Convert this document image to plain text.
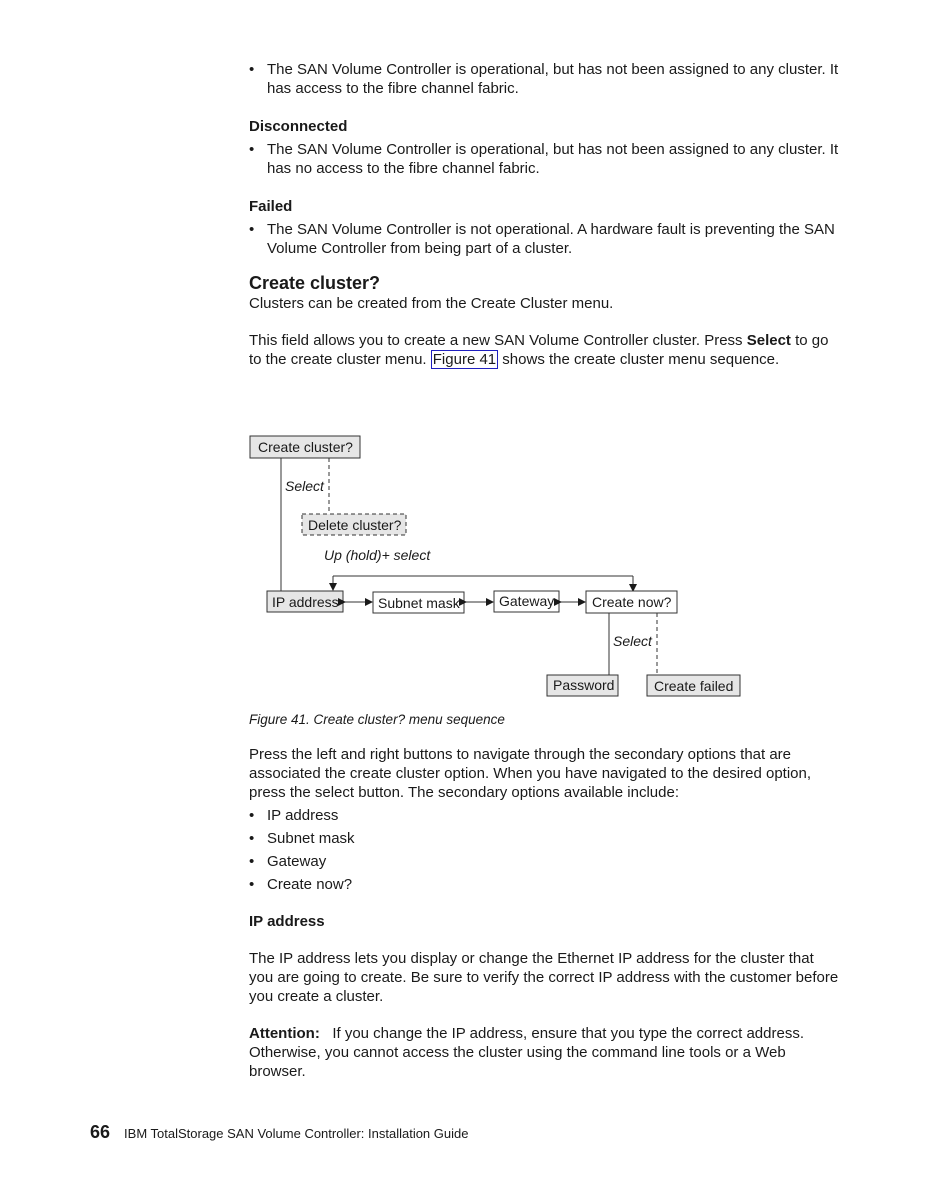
• The SAN Volume Controller is operational, but has not been assigned to any cluster. It has access to the fibre channel fabric.
Disconnected
• The SAN Volume Controller is operational, but has not been assigned to any cluster. It has no access to the fibre channel fabric.
Failed
• The SAN Volume Controller is not operational. A hardware fault is preventing the SAN Volume Controller from being part of a cluster.
Create cluster?

Clusters can be created from the Create Cluster menu.

This field allows you to create a new SAN Volume Controller cluster. Press Select to go to the create cluster menu. Figure 41 shows the create cluster menu sequence.

Create cluster?
Select
Delete cluster?
Up (hold)+ select
IP address	Subnet mask	Gateway	Create now?
Select
Password	Create failed
Figure 41. Create cluster? menu sequence

Press the left and right buttons to navigate through the secondary options that are associated the create cluster option. When you have navigated to the desired option, press the select button. The secondary options available include:

• IP address
• Subnet mask
• Gateway
• Create now?
IP address

The IP address lets you display or change the Ethernet IP address for the cluster that you are going to create. Be sure to verify the correct IP address with the customer before you create a cluster.

Attention: If you change the IP address, ensure that you type the correct address. Otherwise, you cannot access the cluster using the command line tools or a Web browser.

66 IBM TotalStorage SAN Volume Controller: Installation Guide
